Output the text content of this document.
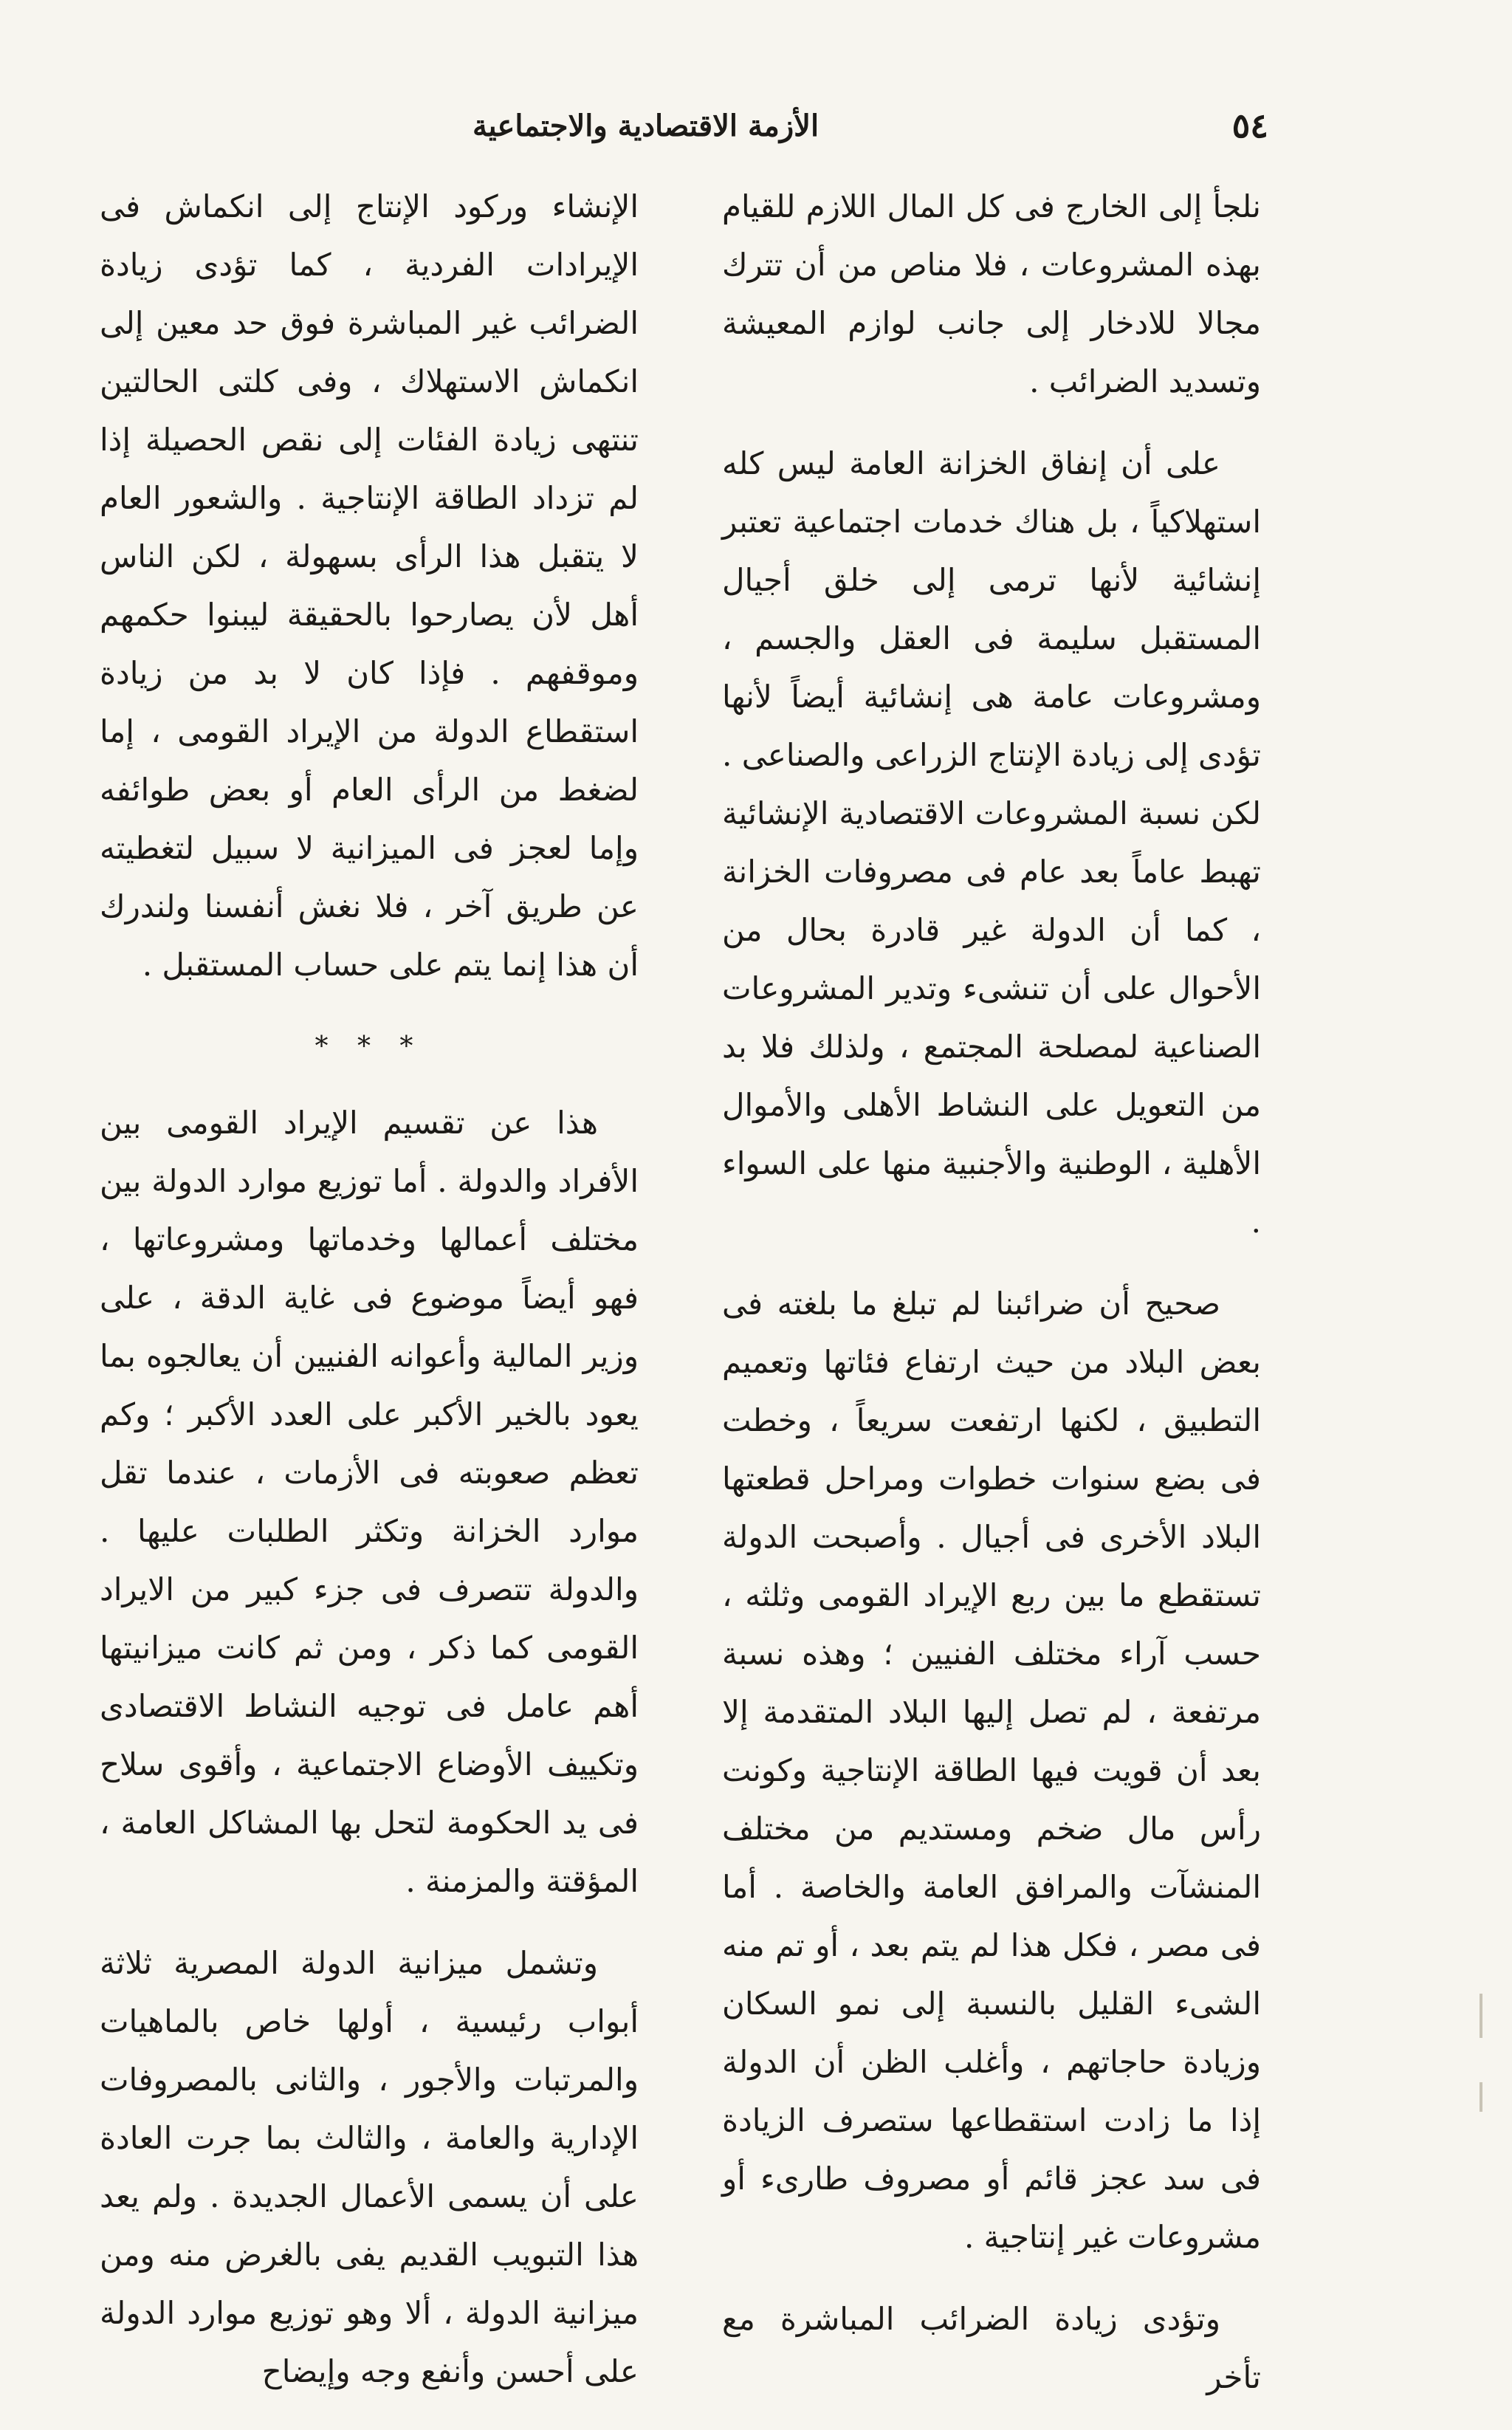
٥٤
الأزمة الاقتصادية والاجتماعية

نلجأ إلى الخارج فى كل المال اللازم للقيام بهذه المشروعات ، فلا مناص من أن تترك مجالا للادخار إلى جانب لوازم المعيشة وتسديد الضرائب .

على أن إنفاق الخزانة العامة ليس كله استهلاكياً ، بل هناك خدمات اجتماعية تعتبر إنشائية لأنها ترمى إلى خلق أجيال المستقبل سليمة فى العقل والجسم ، ومشروعات عامة هى إنشائية أيضاً لأنها تؤدى إلى زيادة الإنتاج الزراعى والصناعى . لكن نسبة المشروعات الاقتصادية الإنشائية تهبط عاماً بعد عام فى مصروفات الخزانة ، كما أن الدولة غير قادرة بحال من الأحوال على أن تنشىء وتدير المشروعات الصناعية لمصلحة المجتمع ، ولذلك فلا بد من التعويل على النشاط الأهلى والأموال الأهلية ، الوطنية والأجنبية منها على السواء .

صحيح أن ضرائبنا لم تبلغ ما بلغته فى بعض البلاد من حيث ارتفاع فئاتها وتعميم التطبيق ، لكنها ارتفعت سريعاً ، وخطت فى بضع سنوات خطوات ومراحل قطعتها البلاد الأخرى فى أجيال . وأصبحت الدولة تستقطع ما بين ربع الإيراد القومى وثلثه ، حسب آراء مختلف الفنيين ؛ وهذه نسبة مرتفعة ، لم تصل إليها البلاد المتقدمة إلا بعد أن قويت فيها الطاقة الإنتاجية وكونت رأس مال ضخم ومستديم من مختلف المنشآت والمرافق العامة والخاصة . أما فى مصر ، فكل هذا لم يتم بعد ، أو تم منه الشىء القليل بالنسبة إلى نمو السكان وزيادة حاجاتهم ، وأغلب الظن أن الدولة إذا ما زادت استقطاعها ستصرف الزيادة فى سد عجز قائم أو مصروف طارىء أو مشروعات غير إنتاجية .

وتؤدى زيادة الضرائب المباشرة مع تأخر

الإنشاء وركود الإنتاج إلى انكماش فى الإيرادات الفردية ، كما تؤدى زيادة الضرائب غير المباشرة فوق حد معين إلى انكماش الاستهلاك ، وفى كلتى الحالتين تنتهى زيادة الفئات إلى نقص الحصيلة إذا لم تزداد الطاقة الإنتاجية . والشعور العام لا يتقبل هذا الرأى بسهولة ، لكن الناس أهل لأن يصارحوا بالحقيقة ليبنوا حكمهم وموقفهم . فإذا كان لا بد من زيادة استقطاع الدولة من الإيراد القومى ، إما لضغط من الرأى العام أو بعض طوائفه وإما لعجز فى الميزانية لا سبيل لتغطيته عن طريق آخر ، فلا نغش أنفسنا ولندرك أن هذا إنما يتم على حساب المستقبل .

* * *

هذا عن تقسيم الإيراد القومى بين الأفراد والدولة . أما توزيع موارد الدولة بين مختلف أعمالها وخدماتها ومشروعاتها ، فهو أيضاً موضوع فى غاية الدقة ، على وزير المالية وأعوانه الفنيين أن يعالجوه بما يعود بالخير الأكبر على العدد الأكبر ؛ وكم تعظم صعوبته فى الأزمات ، عندما تقل موارد الخزانة وتكثر الطلبات عليها . والدولة تتصرف فى جزء كبير من الايراد القومى كما ذكر ، ومن ثم كانت ميزانيتها أهم عامل فى توجيه النشاط الاقتصادى وتكييف الأوضاع الاجتماعية ، وأقوى سلاح فى يد الحكومة لتحل بها المشاكل العامة ، المؤقتة والمزمنة .

وتشمل ميزانية الدولة المصرية ثلاثة أبواب رئيسية ، أولها خاص بالماهيات والمرتبات والأجور ، والثانى بالمصروفات الإدارية والعامة ، والثالث بما جرت العادة على أن يسمى الأعمال الجديدة . ولم يعد هذا التبويب القديم يفى بالغرض منه ومن ميزانية الدولة ، ألا وهو توزيع موارد الدولة على أحسن وأنفع وجه وإيضاح
